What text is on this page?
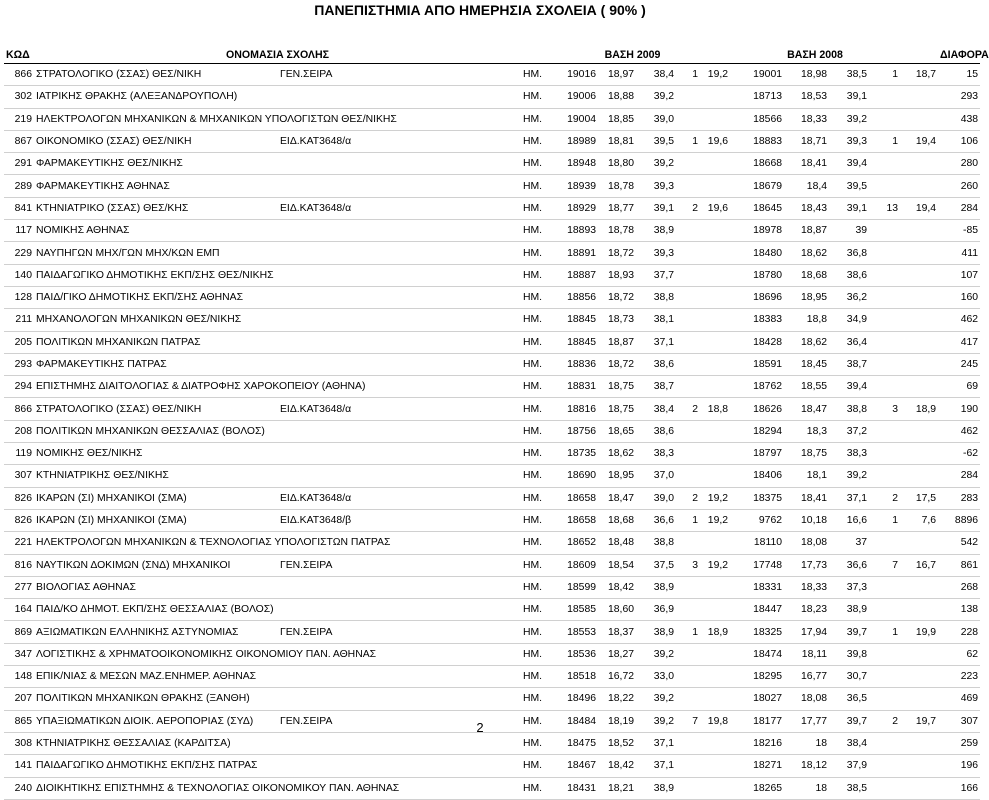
ΠΑΝΕΠΙΣΤΗΜΙΑ ΑΠΟ ΗΜΕΡΗΣΙΑ ΣΧΟΛΕΙΑ ( 90% )
ΚΩΔ	ΟΝΟΜΑΣΙΑ ΣΧΟΛΗΣ			ΒΑΣΗ 2009					ΒΑΣΗ 2008					ΔΙΑΦΟΡΑ
866	ΣΤΡΑΤΟΛΟΓΙΚΟ (ΣΣΑΣ) ΘΕΣ/ΝΙΚΗ	ΓΕΝ.ΣΕΙΡΑ	ΗΜ.	19016	18,97	38,4	1	19,2	19001	18,98	38,5	1	18,7	15
302	ΙΑΤΡΙΚΗΣ ΘΡΑΚΗΣ (ΑΛΕΞΑΝΔΡΟΥΠΟΛΗ)		ΗΜ.	19006	18,88	39,2			18713	18,53	39,1			293
219	ΗΛΕΚΤΡΟΛΟΓΩΝ ΜΗΧΑΝΙΚΩΝ & ΜΗΧΑΝΙΚΩΝ ΥΠΟΛΟΓΙΣΤΩΝ ΘΕΣ/ΝΙΚΗΣ		ΗΜ.	19004	18,85	39,0			18566	18,33	39,2			438
867	ΟΙΚΟΝΟΜΙΚΟ (ΣΣΑΣ) ΘΕΣ/ΝΙΚΗ	ΕΙΔ.ΚΑΤ3648/α	ΗΜ.	18989	18,81	39,5	1	19,6	18883	18,71	39,3	1	19,4	106
291	ΦΑΡΜΑΚΕΥΤΙΚΗΣ ΘΕΣ/ΝΙΚΗΣ		ΗΜ.	18948	18,80	39,2			18668	18,41	39,4			280
289	ΦΑΡΜΑΚΕΥΤΙΚΗΣ ΑΘΗΝΑΣ		ΗΜ.	18939	18,78	39,3			18679	18,4	39,5			260
841	ΚΤΗΝΙΑΤΡΙΚΟ (ΣΣΑΣ) ΘΕΣ/ΚΗΣ	ΕΙΔ.ΚΑΤ3648/α	ΗΜ.	18929	18,77	39,1	2	19,6	18645	18,43	39,1	13	19,4	284
117	ΝΟΜΙΚΗΣ ΑΘΗΝΑΣ		ΗΜ.	18893	18,78	38,9			18978	18,87	39			-85
229	ΝΑΥΠΗΓΩΝ ΜΗΧ/ΓΩΝ ΜΗΧ/ΚΩΝ ΕΜΠ		ΗΜ.	18891	18,72	39,3			18480	18,62	36,8			411
140	ΠΑΙΔΑΓΩΓΙΚΟ ΔΗΜΟΤΙΚΗΣ ΕΚΠ/ΣΗΣ ΘΕΣ/ΝΙΚΗΣ		ΗΜ.	18887	18,93	37,7			18780	18,68	38,6			107
128	ΠΑΙΔ/ΓΙΚΟ ΔΗΜΟΤΙΚΗΣ ΕΚΠ/ΣΗΣ ΑΘΗΝΑΣ		ΗΜ.	18856	18,72	38,8			18696	18,95	36,2			160
211	ΜΗΧΑΝΟΛΟΓΩΝ ΜΗΧΑΝΙΚΩΝ ΘΕΣ/ΝΙΚΗΣ		ΗΜ.	18845	18,73	38,1			18383	18,8	34,9			462
205	ΠΟΛΙΤΙΚΩΝ ΜΗΧΑΝΙΚΩΝ ΠΑΤΡΑΣ		ΗΜ.	18845	18,87	37,1			18428	18,62	36,4			417
293	ΦΑΡΜΑΚΕΥΤΙΚΗΣ ΠΑΤΡΑΣ		ΗΜ.	18836	18,72	38,6			18591	18,45	38,7			245
294	ΕΠΙΣΤΗΜΗΣ ΔΙΑΙΤΟΛΟΓΙΑΣ & ΔΙΑΤΡΟΦΗΣ ΧΑΡΟΚΟΠΕΙΟΥ (ΑΘΗΝΑ)		ΗΜ.	18831	18,75	38,7			18762	18,55	39,4			69
866	ΣΤΡΑΤΟΛΟΓΙΚΟ (ΣΣΑΣ) ΘΕΣ/ΝΙΚΗ	ΕΙΔ.ΚΑΤ3648/α	ΗΜ.	18816	18,75	38,4	2	18,8	18626	18,47	38,8	3	18,9	190
208	ΠΟΛΙΤΙΚΩΝ ΜΗΧΑΝΙΚΩΝ ΘΕΣΣΑΛΙΑΣ (ΒΟΛΟΣ)		ΗΜ.	18756	18,65	38,6			18294	18,3	37,2			462
119	ΝΟΜΙΚΗΣ ΘΕΣ/ΝΙΚΗΣ		ΗΜ.	18735	18,62	38,3			18797	18,75	38,3			-62
307	ΚΤΗΝΙΑΤΡΙΚΗΣ ΘΕΣ/ΝΙΚΗΣ		ΗΜ.	18690	18,95	37,0			18406	18,1	39,2			284
826	ΙΚΑΡΩΝ (ΣΙ) ΜΗΧΑΝΙΚΟΙ (ΣΜΑ)	ΕΙΔ.ΚΑΤ3648/α	ΗΜ.	18658	18,47	39,0	2	19,2	18375	18,41	37,1	2	17,5	283
826	ΙΚΑΡΩΝ (ΣΙ) ΜΗΧΑΝΙΚΟΙ (ΣΜΑ)	ΕΙΔ.ΚΑΤ3648/β	ΗΜ.	18658	18,68	36,6	1	19,2	9762	10,18	16,6	1	7,6	8896
221	ΗΛΕΚΤΡΟΛΟΓΩΝ ΜΗΧΑΝΙΚΩΝ & ΤΕΧΝΟΛΟΓΙΑΣ ΥΠΟΛΟΓΙΣΤΩΝ ΠΑΤΡΑΣ		ΗΜ.	18652	18,48	38,8			18110	18,08	37			542
816	ΝΑΥΤΙΚΩΝ ΔΟΚΙΜΩΝ (ΣΝΔ) ΜΗΧΑΝΙΚΟΙ	ΓΕΝ.ΣΕΙΡΑ	ΗΜ.	18609	18,54	37,5	3	19,2	17748	17,73	36,6	7	16,7	861
277	ΒΙΟΛΟΓΙΑΣ ΑΘΗΝΑΣ		ΗΜ.	18599	18,42	38,9			18331	18,33	37,3			268
164	ΠΑΙΔ/ΚΟ ΔΗΜΟΤ. ΕΚΠ/ΣΗΣ ΘΕΣΣΑΛΙΑΣ (ΒΟΛΟΣ)		ΗΜ.	18585	18,60	36,9			18447	18,23	38,9			138
869	ΑΞΙΩΜΑΤΙΚΩΝ ΕΛΛΗΝΙΚΗΣ ΑΣΤΥΝΟΜΙΑΣ	ΓΕΝ.ΣΕΙΡΑ	ΗΜ.	18553	18,37	38,9	1	18,9	18325	17,94	39,7	1	19,9	228
347	ΛΟΓΙΣΤΙΚΗΣ & ΧΡΗΜΑΤΟΟΙΚΟΝΟΜΙΚΗΣ ΟΙΚΟΝΟΜΙΟΥ ΠΑΝ. ΑΘΗΝΑΣ		ΗΜ.	18536	18,27	39,2			18474	18,11	39,8			62
148	ΕΠΙΚ/ΝΙΑΣ & ΜΕΣΩΝ ΜΑΖ.ΕΝΗΜΕΡ. ΑΘΗΝΑΣ		ΗΜ.	18518	16,72	33,0			18295	16,77	30,7			223
207	ΠΟΛΙΤΙΚΩΝ ΜΗΧΑΝΙΚΩΝ ΘΡΑΚΗΣ (ΞΑΝΘΗ)		ΗΜ.	18496	18,22	39,2			18027	18,08	36,5			469
865	ΥΠΑΞΙΩΜΑΤΙΚΩΝ ΔΙΟΙΚ. ΑΕΡΟΠΟΡΙΑΣ (ΣΥΔ)	ΓΕΝ.ΣΕΙΡΑ	ΗΜ.	18484	18,19	39,2	7	19,8	18177	17,77	39,7	2	19,7	307
308	ΚΤΗΝΙΑΤΡΙΚΗΣ ΘΕΣΣΑΛΙΑΣ (ΚΑΡΔΙΤΣΑ)		ΗΜ.	18475	18,52	37,1			18216	18	38,4			259
141	ΠΑΙΔΑΓΩΓΙΚΟ ΔΗΜΟΤΙΚΗΣ ΕΚΠ/ΣΗΣ ΠΑΤΡΑΣ		ΗΜ.	18467	18,42	37,1			18271	18,12	37,9			196
240	ΔΙΟΙΚΗΤΙΚΗΣ ΕΠΙΣΤΗΜΗΣ & ΤΕΧΝΟΛΟΓΙΑΣ ΟΙΚΟΝΟΜΙΚΟΥ ΠΑΝ. ΑΘΗΝΑΣ		ΗΜ.	18431	18,21	38,9			18265	18	38,5			166
2
